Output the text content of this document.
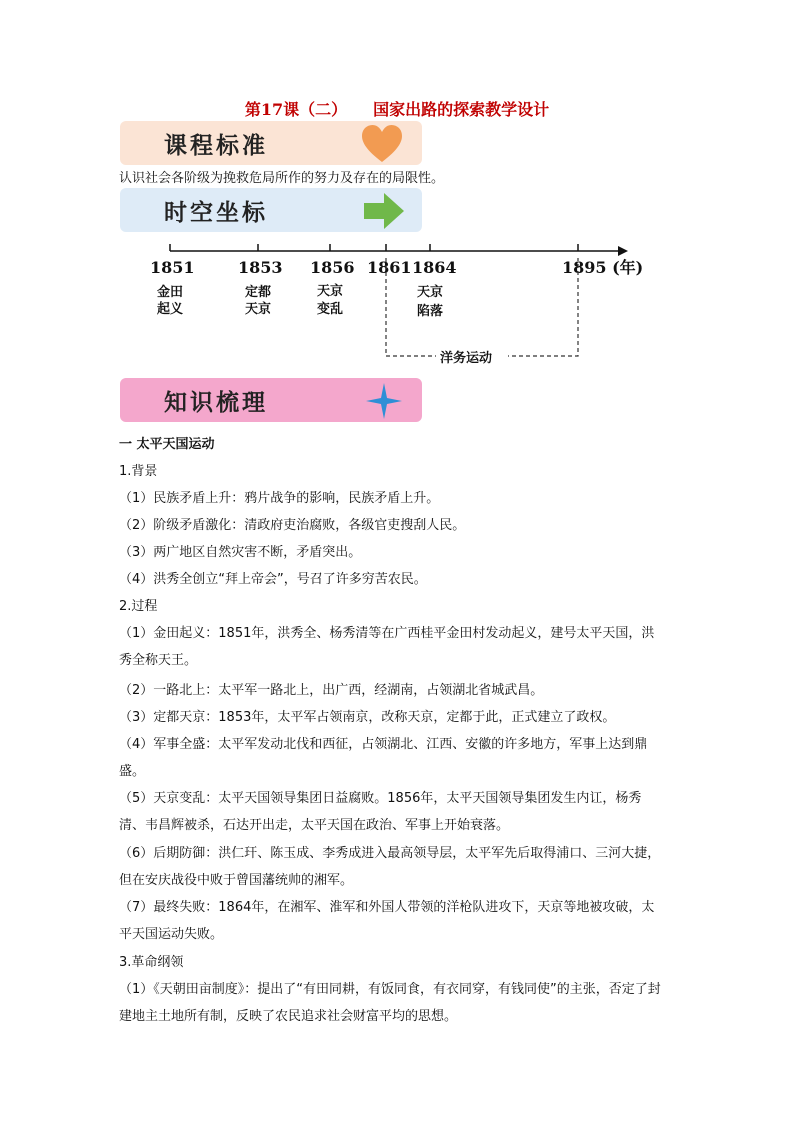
第17课（二） 国家出路的探索教学设计
课程标准
认识社会各阶级为挽救危局所作的努力及存在的局限性。
时空坐标
1851	1853 1856 1861 1864	1895 (年)
金田
起义
定都
天京
天京
变乱
天京
陷落
洋务运动
知识梳理
一 太平天国运动
1.背景
（1）民族矛盾上升：鸦片战争的影响，民族矛盾上升。
（2）阶级矛盾激化：清政府吏治腐败，各级官吏搜刮人民。
（3）两广地区自然灾害不断，矛盾突出。
（4）洪秀全创立“拜上帝会”，号召了许多穷苦农民。
2.过程
（1）金田起义：1851年，洪秀全、杨秀清等在广西桂平金田村发动起义，建号太平天国，洪秀全称天王。
（2）一路北上：太平军一路北上，出广西，经湖南，占领湖北省城武昌。
（3）定都天京：1853年，太平军占领南京，改称天京，定都于此，正式建立了政权。
（4）军事全盛：太平军发动北伐和西征，占领湖北、江西、安徽的许多地方，军事上达到鼎盛。
（5）天京变乱：太平天国领导集团日益腐败。1856年，太平天国领导集团发生内讧，杨秀清、韦昌辉被杀，石达开出走，太平天国在政治、军事上开始衰落。
（6）后期防御：洪仁玕、陈玉成、李秀成进入最高领导层，太平军先后取得浦口、三河大捷，但在安庆战役中败于曾国藩统帅的湘军。
（7）最终失败：1864年，在湘军、淮军和外国人带领的洋枪队进攻下，天京等地被攻破，太平天国运动失败。
3.革命纲领
（1）《天朝田亩制度》：提出了“有田同耕，有饭同食，有衣同穿，有钱同使”的主张，否定了封建地主土地所有制，反映了农民追求社会财富平均的思想。
